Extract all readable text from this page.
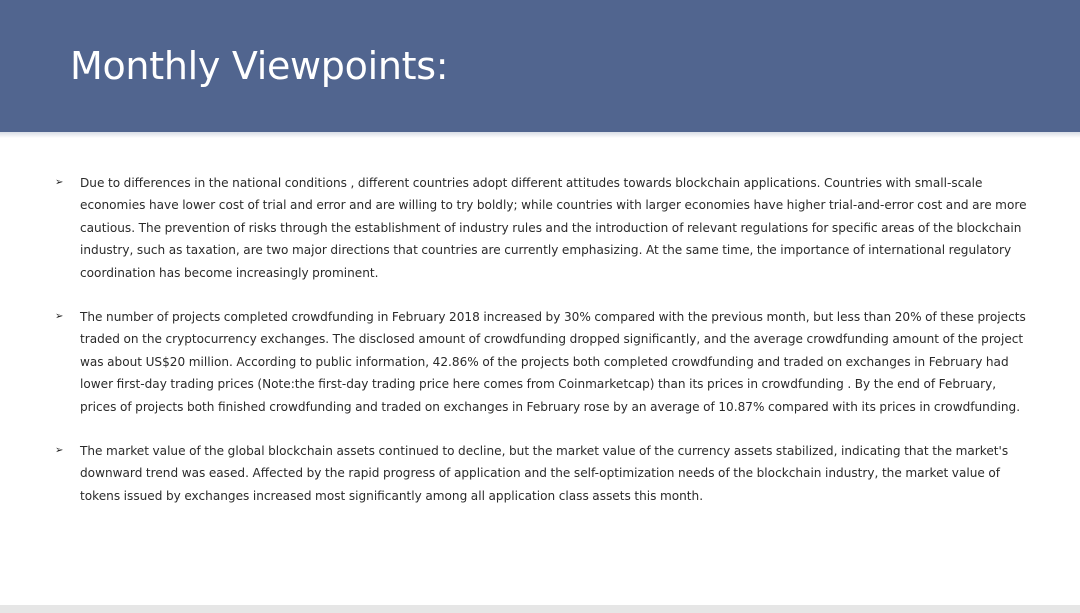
Monthly Viewpoints:
➢ Due to differences in the national conditions , different countries adopt different attitudes towards blockchain applications. Countries with small-scale economies have lower cost of trial and error and are willing to try boldly; while countries with larger economies have higher trial-and-error cost and are more cautious. The prevention of risks through the establishment of industry rules and the introduction of relevant regulations for specific areas of the blockchain industry, such as taxation, are two major directions that countries are currently emphasizing. At the same time, the importance of international regulatory coordination has become increasingly prominent.

➢ The number of projects completed crowdfunding in February 2018 increased by 30% compared with the previous month, but less than 20% of these projects traded on the cryptocurrency exchanges. The disclosed amount of crowdfunding dropped significantly, and the average crowdfunding amount of the project was about US$20 million. According to public information, 42.86% of the projects both completed crowdfunding and traded on exchanges in February had lower first-day trading prices (Note:the first-day trading price here comes from Coinmarketcap) than its prices in crowdfunding . By the end of February, prices of projects both finished crowdfunding and traded on exchanges in February rose by an average of 10.87% compared with its prices in crowdfunding.

➢ The market value of the global blockchain assets continued to decline, but the market value of the currency assets stabilized, indicating that the market's downward trend was eased. Affected by the rapid progress of application and the self-optimization needs of the blockchain industry, the market value of tokens issued by exchanges increased most significantly among all application class assets this month.
